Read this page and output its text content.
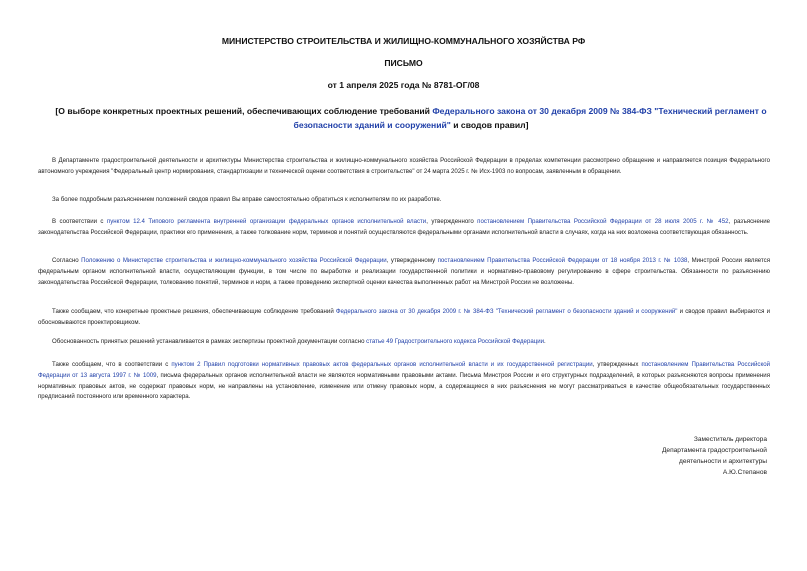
МИНИСТЕРСТВО СТРОИТЕЛЬСТВА И ЖИЛИЩНО-КОММУНАЛЬНОГО ХОЗЯЙСТВА РФ
ПИСЬМО
от 1 апреля 2025 года № 8781-ОГ/08
[О выборе конкретных проектных решений, обеспечивающих соблюдение требований Федерального закона от 30 декабря 2009 № 384-ФЗ "Технический регламент о безопасности зданий и сооружений" и сводов правил]
В Департаменте градостроительной деятельности и архитектуры Министерства строительства и жилищно-коммунального хозяйства Российской Федерации в пределах компетенции рассмотрено обращение и направляется позиция Федерального автономного учреждения "Федеральный центр нормирования, стандартизации и технической оценки соответствия в строительстве" от 24 марта 2025 г. № Исх-1903 по вопросам, заявленным в обращении.
За более подробным разъяснением положений сводов правил Вы вправе самостоятельно обратиться к исполнителям по их разработке.
В соответствии с пунктом 12.4 Типового регламента внутренней организации федеральных органов исполнительной власти, утвержденного постановлением Правительства Российской Федерации от 28 июля 2005 г. № 452, разъяснение законодательства Российской Федерации, практики его применения, а также толкование норм, терминов и понятий осуществляются федеральными органами исполнительной власти в случаях, когда на них возложена соответствующая обязанность.
Согласно Положению о Министерстве строительства и жилищно-коммунального хозяйства Российской Федерации, утвержденному постановлением Правительства Российской Федерации от 18 ноября 2013 г. № 1038, Минстрой России является федеральным органом исполнительной власти, осуществляющим функции, в том числе по выработке и реализации государственной политики и нормативно-правовому регулированию в сфере строительства. Обязанности по разъяснению законодательства Российской Федерации, толкованию понятий, терминов и норм, а также проведению экспертной оценки качества выполненных работ на Минстрой России не возложены.
Также сообщаем, что конкретные проектные решения, обеспечивающие соблюдение требований Федерального закона от 30 декабря 2009 г. № 384-ФЗ "Технический регламент о безопасности зданий и сооружений" и сводов правил выбираются и обосновываются проектировщиком.
Обоснованность принятых решений устанавливается в рамках экспертизы проектной документации согласно статье 49 Градостроительного кодекса Российской Федерации.
Также сообщаем, что в соответствии с пунктом 2 Правил подготовки нормативных правовых актов федеральных органов исполнительной власти и их государственной регистрации, утвержденных постановлением Правительства Российской Федерации от 13 августа 1997 г. № 1009, письма федеральных органов исполнительной власти не являются нормативными правовыми актами. Письма Минстроя России и его структурных подразделений, в которых разъясняются вопросы применения нормативных правовых актов, не содержат правовых норм, не направлены на установление, изменение или отмену правовых норм, а содержащиеся в них разъяснения не могут рассматриваться в качестве общеобязательных государственных предписаний постоянного или временного характера.
Заместитель директора
Департамента градостроительной
деятельности и архитектуры
А.Ю.Степанов
